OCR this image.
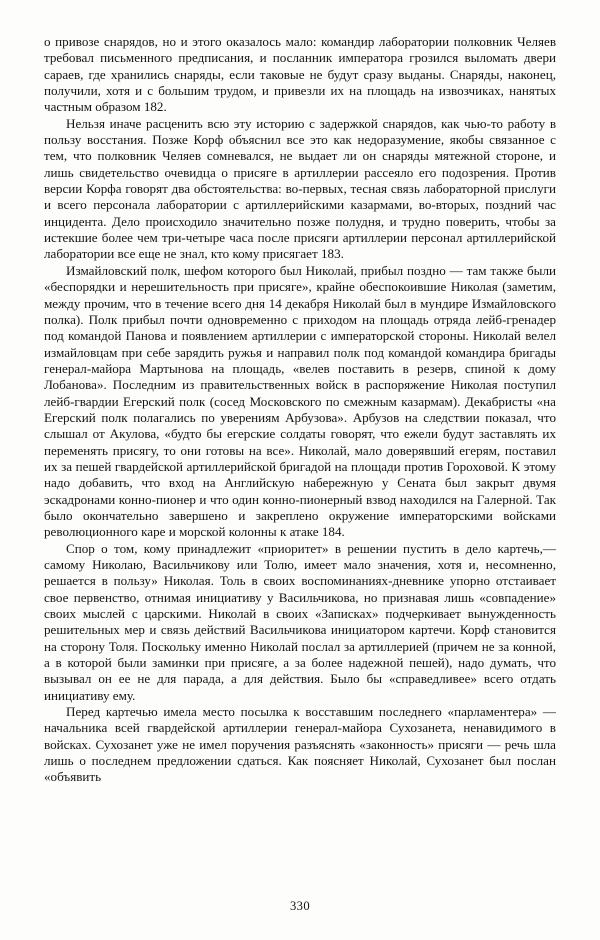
о привозе снарядов, но и этого оказалось мало: командир лаборатории полковник Челяев требовал письменного предписания, и посланник императора грозился выломать двери сараев, где хранились снаряды, если таковые не будут сразу выданы. Снаряды, наконец, получили, хотя и с большим трудом, и привезли их на площадь на извозчиках, нанятых частным образом 182.

Нельзя иначе расценить всю эту историю с задержкой снарядов, как чью-то работу в пользу восстания. Позже Корф объяснил все это как недоразумение, якобы связанное с тем, что полковник Челяев сомневался, не выдает ли он снаряды мятежной стороне, и лишь свидетельство очевидца о присяге в артиллерии рассеяло его подозрения. Против версии Корфа говорят два обстоятельства: во-первых, тесная связь лабораторной прислуги и всего персонала лаборатории с артиллерийскими казармами, во-вторых, поздний час инцидента. Дело происходило значительно позже полудня, и трудно поверить, чтобы за истекшие более чем три-четыре часа после присяги артиллерии персонал артиллерийской лаборатории все еще не знал, кто кому присягает 183.

Измайловский полк, шефом которого был Николай, прибыл поздно — там также были «беспорядки и нерешительность при присяге», крайне обеспокоившие Николая (заметим, между прочим, что в течение всего дня 14 декабря Николай был в мундире Измайловского полка). Полк прибыл почти одновременно с приходом на площадь отряда лейб-гренадер под командой Панова и появлением артиллерии с императорской стороны. Николай велел измайловцам при себе зарядить ружья и направил полк под командой командира бригады генерал-майора Мартынова на площадь, «велев поставить в резерв, спиной к дому Лобанова». Последним из правительственных войск в распоряжение Николая поступил лейб-гвардии Егерский полк (сосед Московского по смежным казармам). Декабристы «на Егерский полк полагались по уверениям Арбузова». Арбузов на следствии показал, что слышал от Акулова, «будто бы егерские солдаты говорят, что ежели будут заставлять их переменять присягу, то они готовы на все». Николай, мало доверявший егерям, поставил их за пешей гвардейской артиллерийской бригадой на площади против Гороховой. К этому надо добавить, что вход на Английскую набережную у Сената был закрыт двумя эскадронами конно-пионер и что один конно-пионерный взвод находился на Галерной. Так было окончательно завершено и закреплено окружение императорскими войсками революционного каре и морской колонны к атаке 184.

Спор о том, кому принадлежит «приоритет» в решении пустить в дело картечь,— самому Николаю, Васильчикову или Толю, имеет мало значения, хотя и, несомненно, решается в пользу» Николая. Толь в своих воспоминаниях-дневнике упорно отстаивает свое первенство, отнимая инициативу у Васильчикова, но признавая лишь «совпадение» своих мыслей с царскими. Николай в своих «Записках» подчеркивает вынужденность решительных мер и связь действий Васильчикова инициатором картечи. Корф становится на сторону Толя. Поскольку именно Николай послал за артиллерией (причем не за конной, а в которой были заминки при присяге, а за более надежной пешей), надо думать, что вызывал он ее не для парада, а для действия. Было бы «справедливее» всего отдать инициативу ему.

Перед картечью имела место посылка к восставшим последнего «парламентера» — начальника всей гвардейской артиллерии генерал-майора Сухозанета, ненавидимого в войсках. Сухозанет уже не имел поручения разъяснять «законность» присяги — речь шла лишь о последнем предложении сдаться. Как поясняет Николай, Сухозанет был послан «объявить

330
